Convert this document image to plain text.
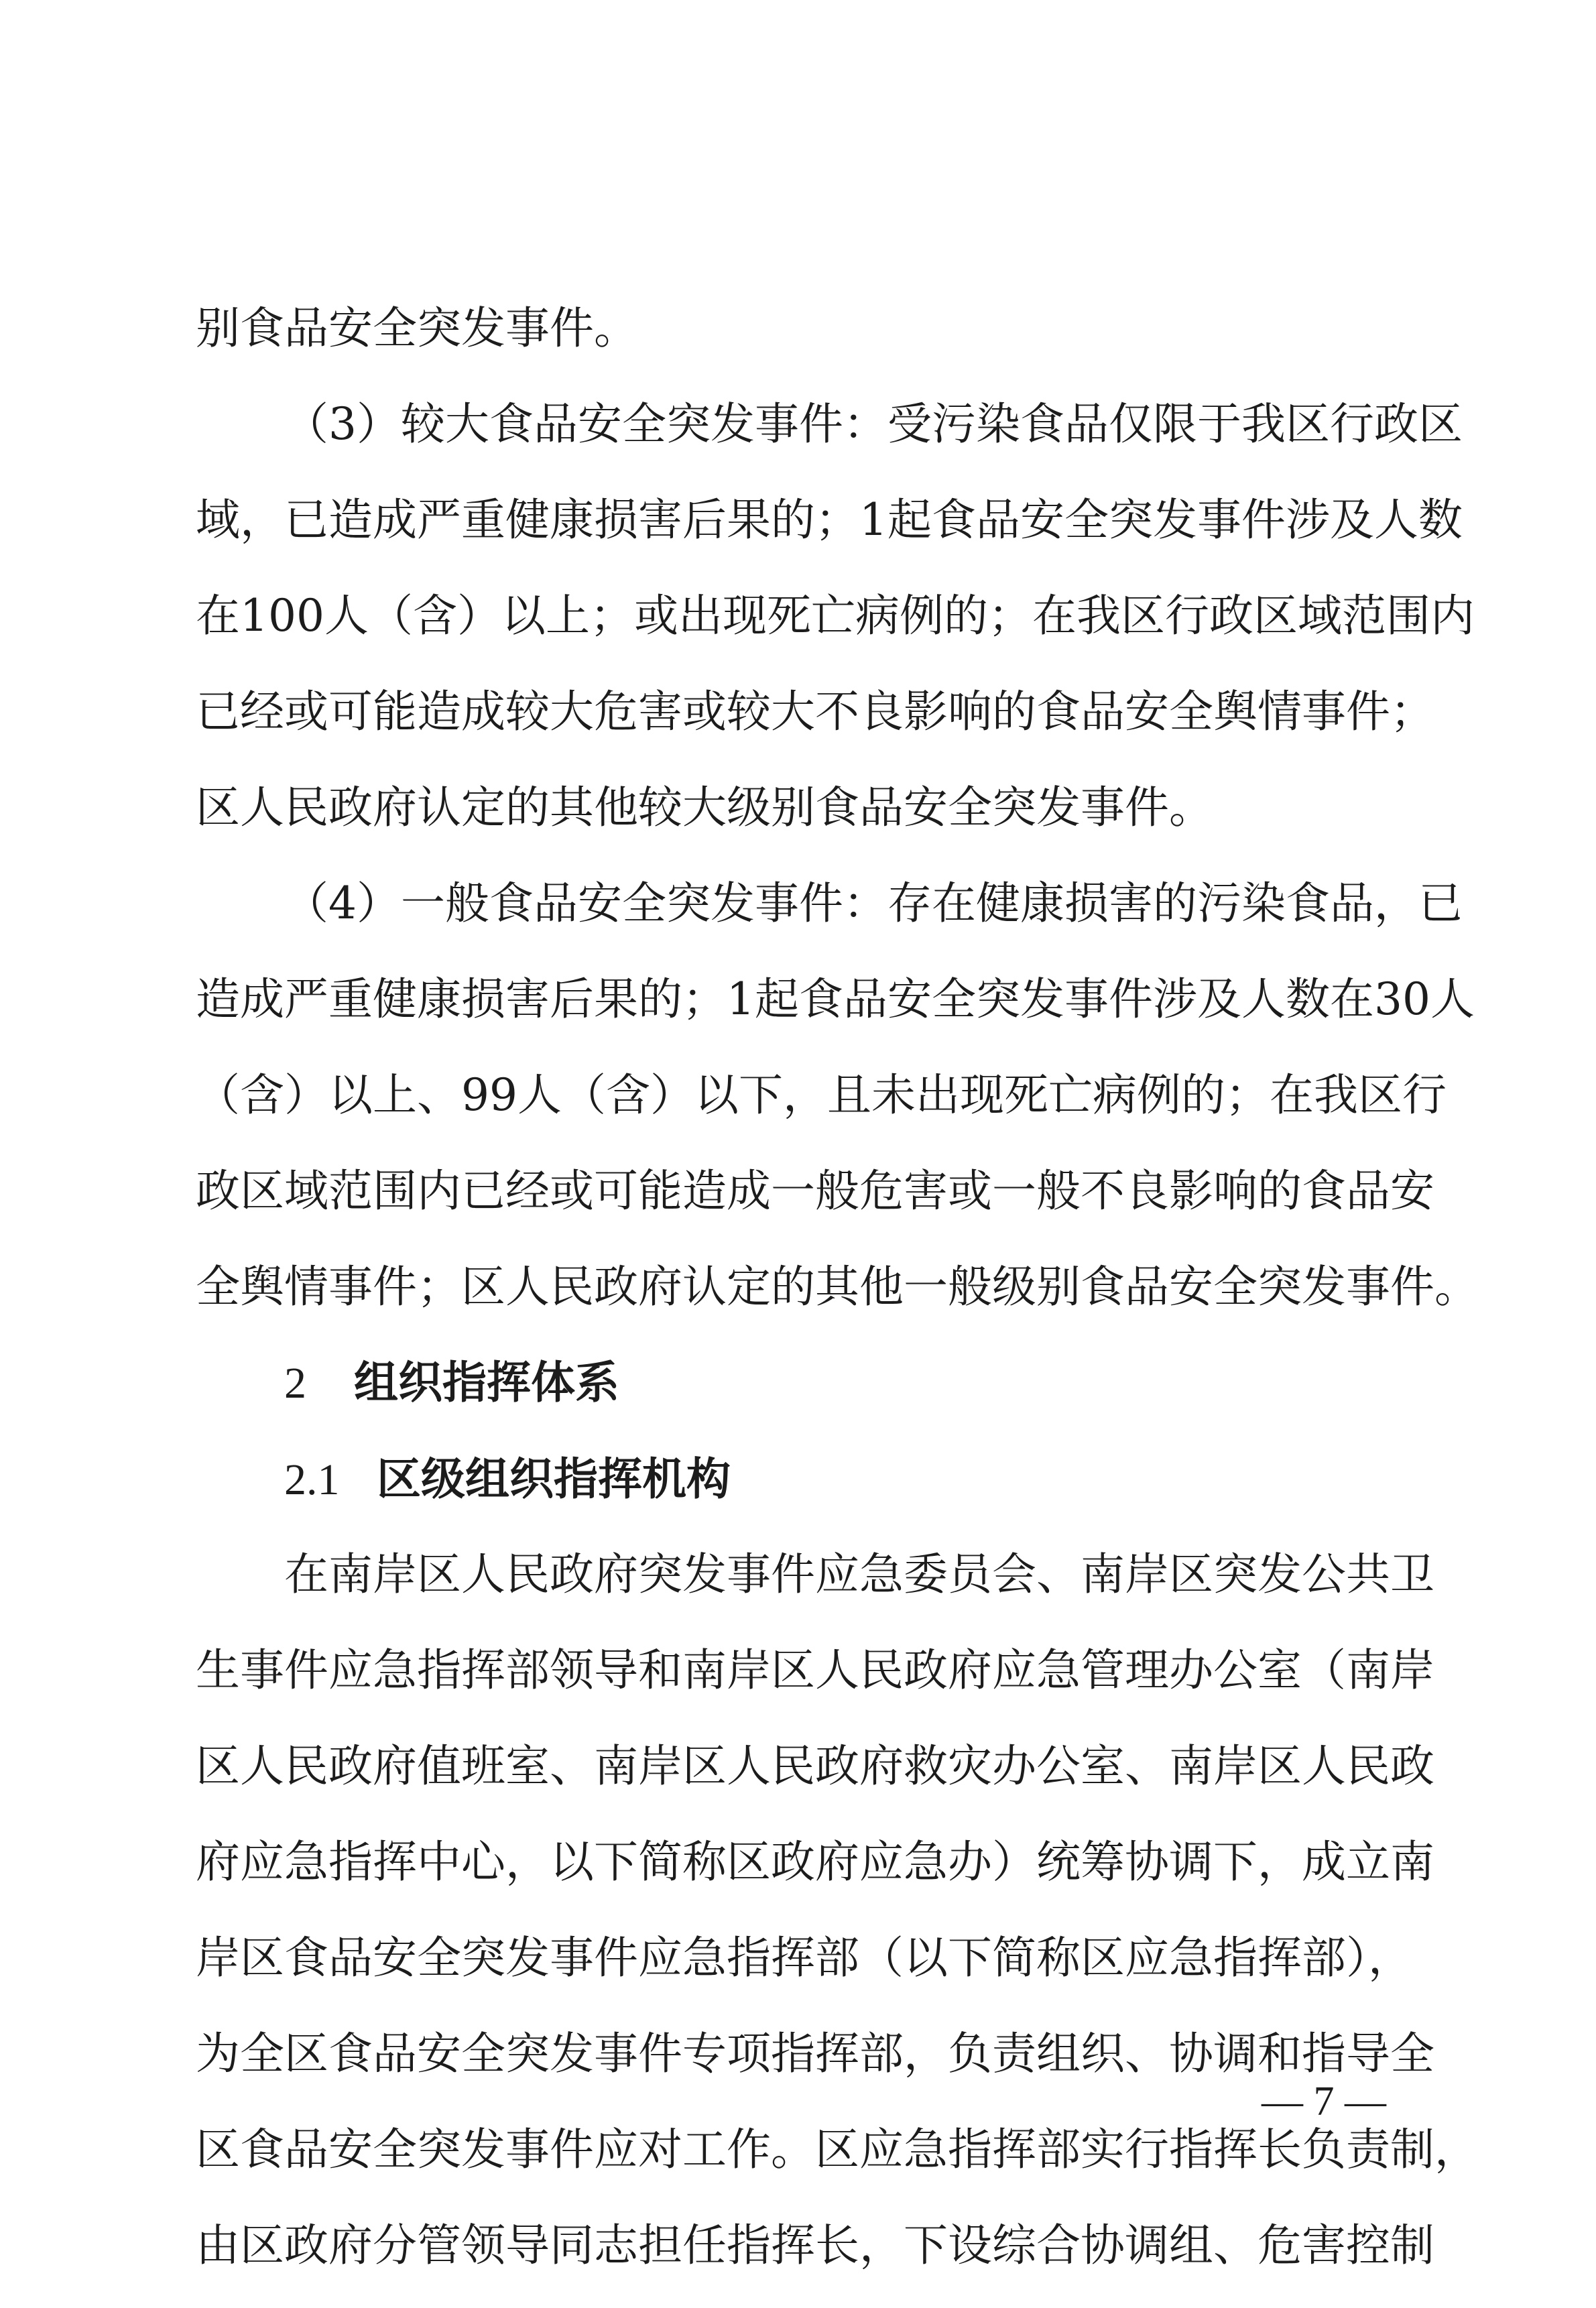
别食品安全突发事件。
（3）较大食品安全突发事件：受污染食品仅限于我区行政区
域，已造成严重健康损害后果的；1起食品安全突发事件涉及人数
在100人（含）以上；或出现死亡病例的；在我区行政区域范围内
已经或可能造成较大危害或较大不良影响的食品安全舆情事件；
区人民政府认定的其他较大级别食品安全突发事件。
（4）一般食品安全突发事件：存在健康损害的污染食品，已
造成严重健康损害后果的；1起食品安全突发事件涉及人数在30人
（含）以上、99人（含）以下，且未出现死亡病例的；在我区行
政区域范围内已经或可能造成一般危害或一般不良影响的食品安
全舆情事件；区人民政府认定的其他一般级别食品安全突发事件。
2 组织指挥体系
2.1 区级组织指挥机构
在南岸区人民政府突发事件应急委员会、南岸区突发公共卫
生事件应急指挥部领导和南岸区人民政府应急管理办公室（南岸
区人民政府值班室、南岸区人民政府救灾办公室、南岸区人民政
府应急指挥中心，以下简称区政府应急办）统筹协调下，成立南
岸区食品安全突发事件应急指挥部（以下简称区应急指挥部），
为全区食品安全突发事件专项指挥部，负责组织、协调和指导全
区食品安全突发事件应对工作。区应急指挥部实行指挥长负责制，
由区政府分管领导同志担任指挥长，下设综合协调组、危害控制
— 7 —
